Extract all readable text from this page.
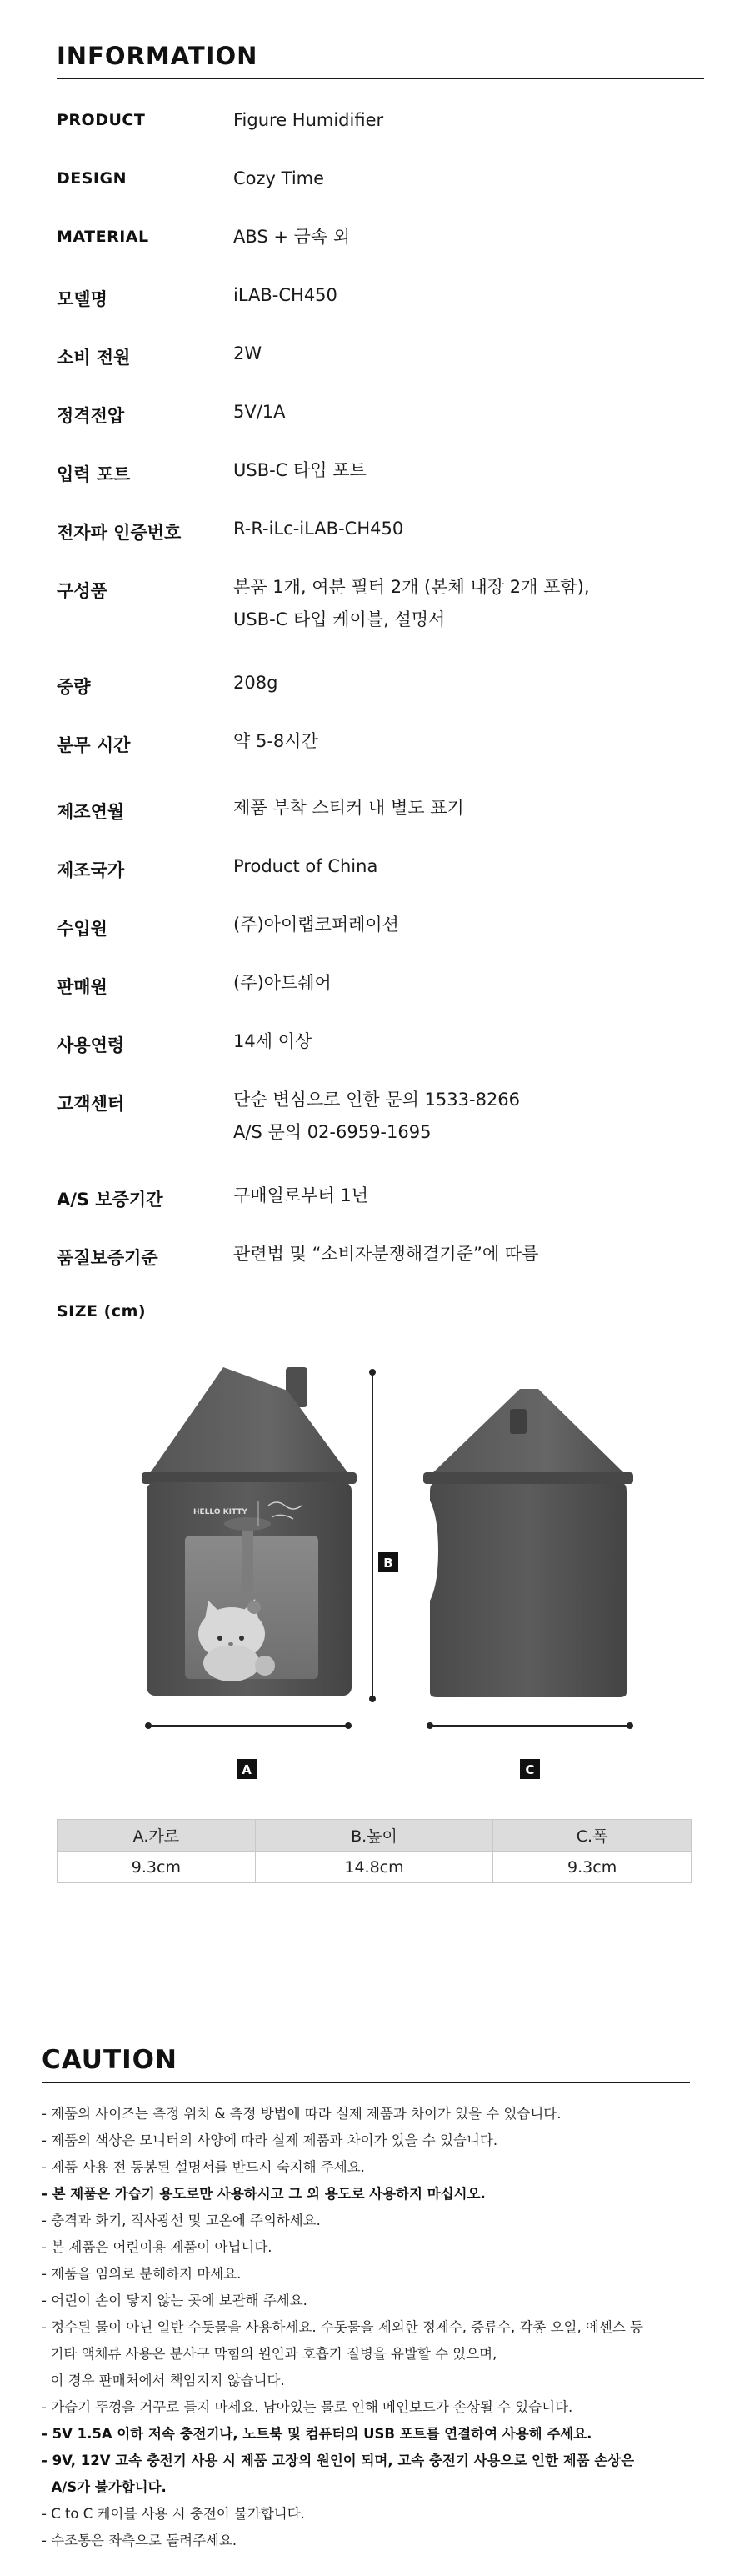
INFORMATION
PRODUCT	Figure Humidifier
DESIGN	Cozy Time
MATERIAL	ABS + 금속 외
모델명	iLAB-CH450
소비 전원	2W
정격전압	5V/1A
입력 포트	USB-C 타입 포트
전자파 인증번호	R-R-iLc-iLAB-CH450
구성품	본품 1개, 여분 필터 2개 (본체 내장 2개 포함),
USB-C 타입 케이블, 설명서
중량	208g
분무 시간	약 5-8시간
제조연월	제품 부착 스티커 내 별도 표기
제조국가	Product of China
수입원	(주)아이랩코퍼레이션
판매원	(주)아트쉐어
사용연령	14세 이상
고객센터	단순 변심으로 인한 문의 1533-8266
A/S 문의 02-6959-1695
A/S 보증기간	구매일로부터 1년
품질보증기준	관련법 및 “소비자분쟁해결기준”에 따름
SIZE (cm)
HELLO KITTY
A
B
C
A.가로	B.높이	C.폭
9.3cm	14.8cm	9.3cm
CAUTION
- 제품의 사이즈는 측정 위치 & 측정 방법에 따라 실제 제품과 차이가 있을 수 있습니다.
- 제품의 색상은 모니터의 사양에 따라 실제 제품과 차이가 있을 수 있습니다.
- 제품 사용 전 동봉된 설명서를 반드시 숙지해 주세요.
- 본 제품은 가습기 용도로만 사용하시고 그 외 용도로 사용하지 마십시오.
- 충격과 화기, 직사광선 및 고온에 주의하세요.
- 본 제품은 어린이용 제품이 아닙니다.
- 제품을 임의로 분해하지 마세요.
- 어린이 손이 닿지 않는 곳에 보관해 주세요.
- 정수된 물이 아닌 일반 수돗물을 사용하세요. 수돗물을 제외한 정제수, 증류수, 각종 오일, 에센스 등
기타 액체류 사용은 분사구 막힘의 원인과 호흡기 질병을 유발할 수 있으며,
이 경우 판매처에서 책임지지 않습니다.
- 가습기 뚜껑을 거꾸로 들지 마세요. 남아있는 물로 인해 메인보드가 손상될 수 있습니다.
- 5V 1.5A 이하 저속 충전기나, 노트북 및 컴퓨터의 USB 포트를 연결하여 사용해 주세요.
- 9V, 12V 고속 충전기 사용 시 제품 고장의 원인이 되며, 고속 충전기 사용으로 인한 제품 손상은
A/S가 불가합니다.
- C to C 케이블 사용 시 충전이 불가합니다.
- 수조통은 좌측으로 돌려주세요.
